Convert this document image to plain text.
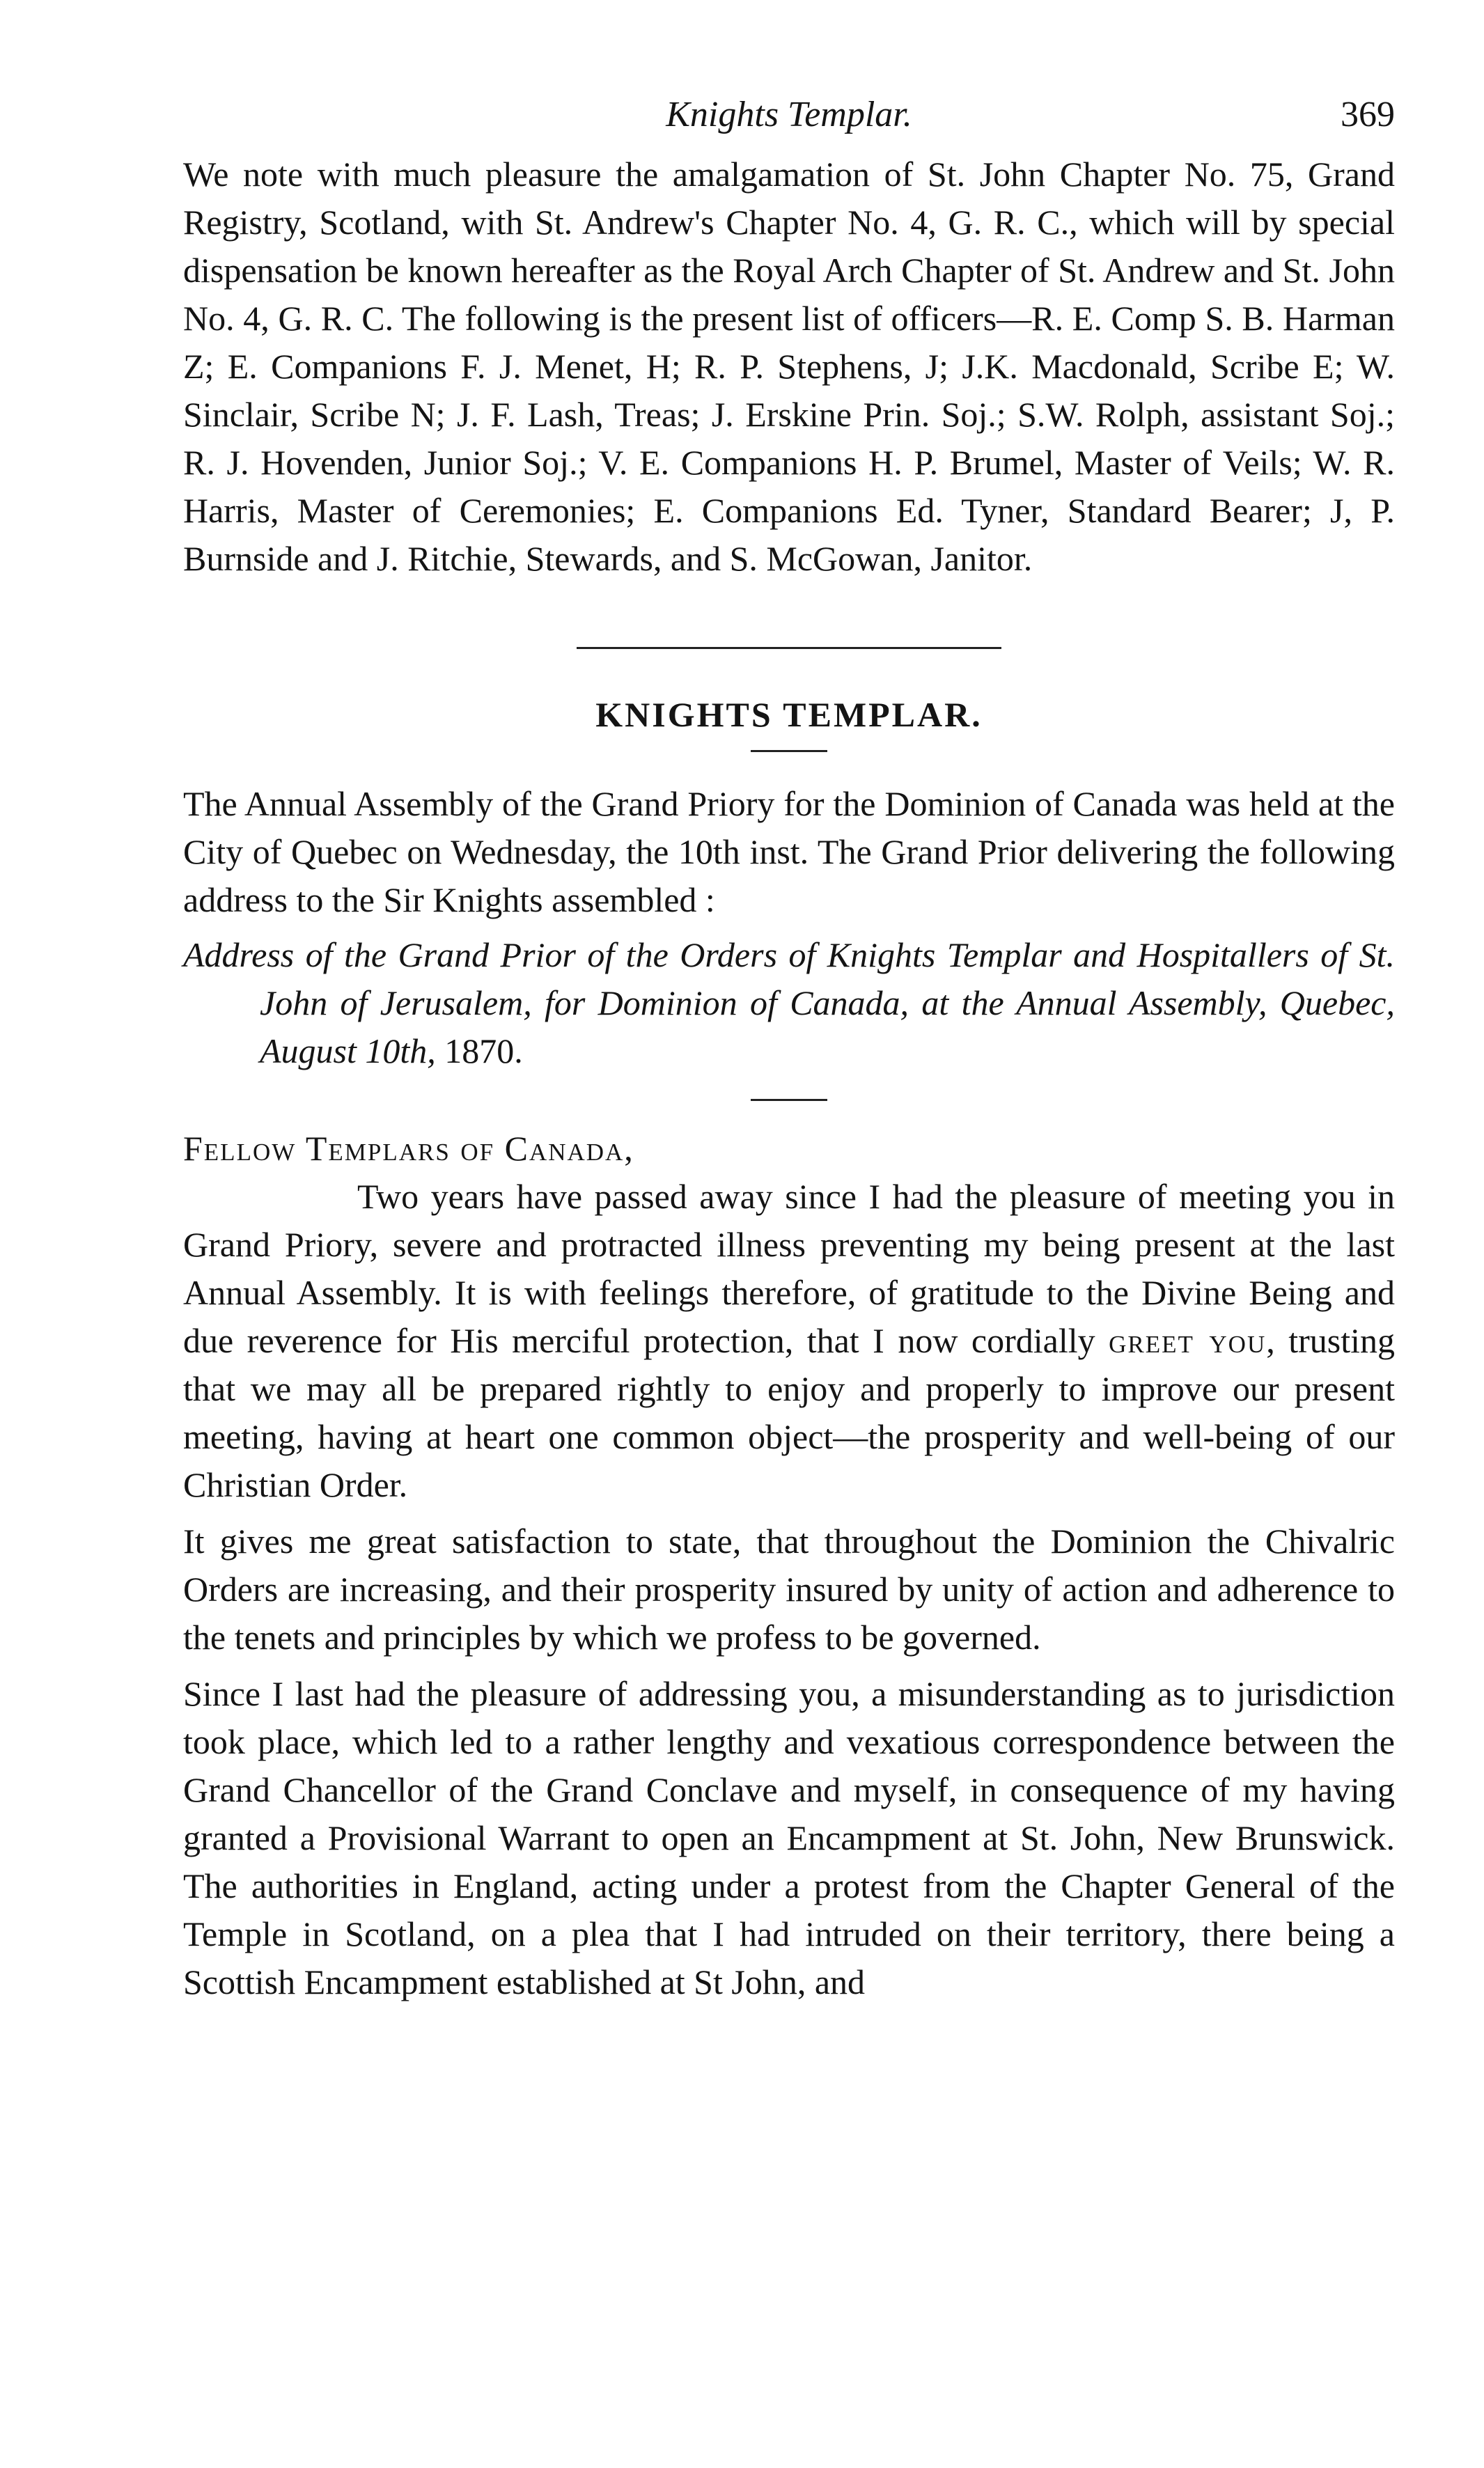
Knights Templar.	369

We note with much pleasure the amalgamation of St. John Chapter No. 75, Grand Registry, Scotland, with St. Andrew's Chapter No. 4, G. R. C., which will by special dispensation be known hereafter as the Royal Arch Chapter of St. Andrew and St. John No. 4, G. R. C. The following is the present list of officers—R. E. Comp S. B. Harman Z; E. Companions F. J. Menet, H; R. P. Stephens, J; J.K. Macdonald, Scribe E; W. Sinclair, Scribe N; J. F. Lash, Treas; J. Erskine Prin. Soj.; S.W. Rolph, assistant Soj.; R. J. Hovenden, Junior Soj.; V. E. Companions H. P. Brumel, Master of Veils; W. R. Harris, Master of Ceremonies; E. Companions Ed. Tyner, Standard Bearer; J, P. Burnside and J. Ritchie, Stewards, and S. McGowan, Janitor.

KNIGHTS TEMPLAR.

The Annual Assembly of the Grand Priory for the Dominion of Canada was held at the City of Quebec on Wednesday, the 10th inst. The Grand Prior delivering the following address to the Sir Knights assembled :

Address of the Grand Prior of the Orders of Knights Templar and Hospitallers of St. John of Jerusalem, for Dominion of Canada, at the Annual Assembly, Quebec, August 10th, 1870.

Fellow Templars of Canada,

Two years have passed away since I had the pleasure of meeting you in Grand Priory, severe and protracted illness preventing my being present at the last Annual Assembly. It is with feelings therefore, of gratitude to the Divine Being and due reverence for His merciful protection, that I now cordially greet you, trusting that we may all be prepared rightly to enjoy and properly to improve our present meeting, having at heart one common object—the prosperity and well-being of our Christian Order.

It gives me great satisfaction to state, that throughout the Dominion the Chivalric Orders are increasing, and their prosperity insured by unity of action and adherence to the tenets and principles by which we profess to be governed.

Since I last had the pleasure of addressing you, a misunderstanding as to jurisdiction took place, which led to a rather lengthy and vexatious correspondence between the Grand Chancellor of the Grand Conclave and myself, in consequence of my having granted a Provisional Warrant to open an Encampment at St. John, New Brunswick. The authorities in England, acting under a protest from the Chapter General of the Temple in Scotland, on a plea that I had intruded on their territory, there being a Scottish Encampment established at St John, and
